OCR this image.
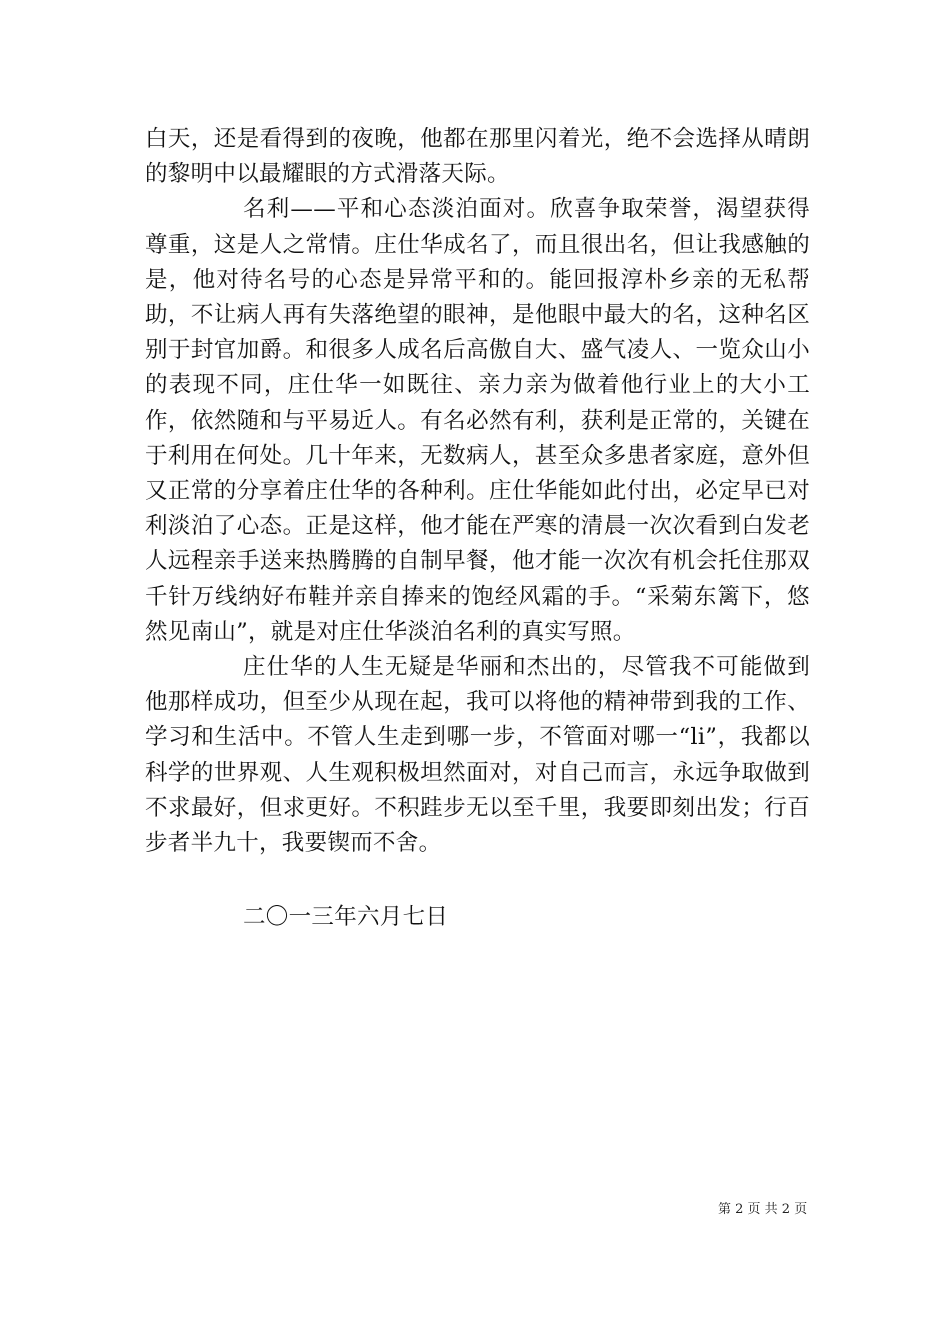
白天，还是看得到的夜晚，他都在那里闪着光，绝不会选择从晴朗的黎明中以最耀眼的方式滑落天际。

名利——平和心态淡泊面对。欣喜争取荣誉，渴望获得尊重，这是人之常情。庄仕华成名了，而且很出名，但让我感触的是，他对待名号的心态是异常平和的。能回报淳朴乡亲的无私帮助，不让病人再有失落绝望的眼神，是他眼中最大的名，这种名区别于封官加爵。和很多人成名后高傲自大、盛气凌人、一览众山小的表现不同，庄仕华一如既往、亲力亲为做着他行业上的大小工作，依然随和与平易近人。有名必然有利，获利是正常的，关键在于利用在何处。几十年来，无数病人，甚至众多患者家庭，意外但又正常的分享着庄仕华的各种利。庄仕华能如此付出，必定早已对利淡泊了心态。正是这样，他才能在严寒的清晨一次次看到白发老人远程亲手送来热腾腾的自制早餐，他才能一次次有机会托住那双千针万线纳好布鞋并亲自捧来的饱经风霜的手。“采菊东篱下，悠然见南山”，就是对庄仕华淡泊名利的真实写照。

庄仕华的人生无疑是华丽和杰出的，尽管我不可能做到他那样成功，但至少从现在起，我可以将他的精神带到我的工作、学习和生活中。不管人生走到哪一步，不管面对哪一“li”，我都以科学的世界观、人生观积极坦然面对，对自己而言，永远争取做到不求最好，但求更好。不积跬步无以至千里，我要即刻出发；行百步者半九十，我要锲而不舍。

二〇一三年六月七日

第 2 页 共 2 页
